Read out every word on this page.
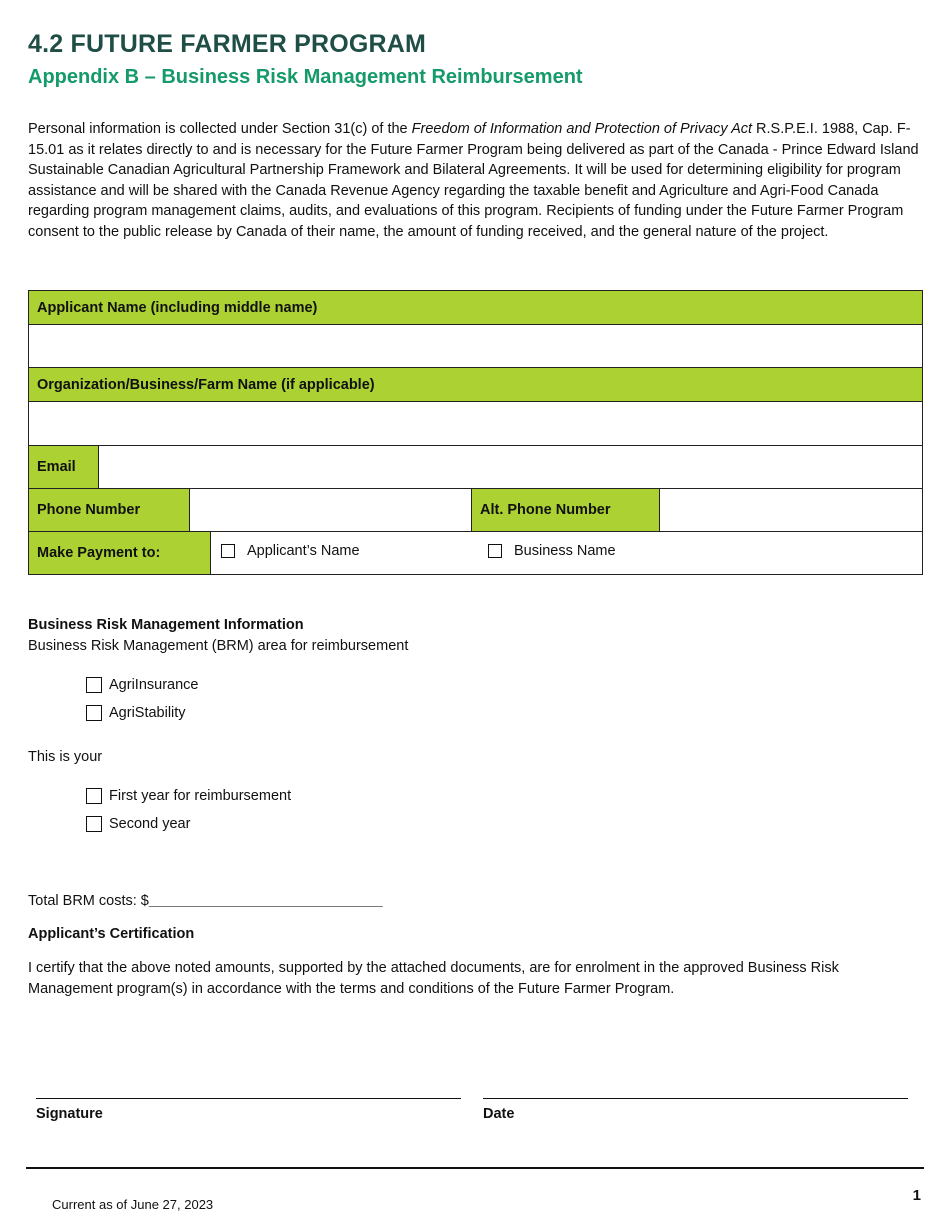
4.2 FUTURE FARMER PROGRAM
Appendix B – Business Risk Management Reimbursement

Personal information is collected under Section 31(c) of the Freedom of Information and Protection of Privacy Act R.S.P.E.I. 1988, Cap. F-15.01 as it relates directly to and is necessary for the Future Farmer Program being delivered as part of the Canada - Prince Edward Island Sustainable Canadian Agricultural Partnership Framework and Bilateral Agreements. It will be used for determining eligibility for program assistance and will be shared with the Canada Revenue Agency regarding the taxable benefit and Agriculture and Agri-Food Canada regarding program management claims, audits, and evaluations of this program. Recipients of funding under the Future Farmer Program consent to the public release by Canada of their name, the amount of funding received, and the general nature of the project.

Applicant Name (including middle name)
Organization/Business/Farm Name (if applicable)
Email
Phone Number	Alt. Phone Number
Make Payment to:	Applicant’s Name	Business Name
Business Risk Management Information
Business Risk Management (BRM) area for reimbursement
AgriInsurance
AgriStability
This is your
First year for reimbursement
Second year
Total BRM costs: $_____________________________
Applicant’s Certification

I certify that the above noted amounts, supported by the attached documents, are for enrolment in the approved Business Risk Management program(s) in accordance with the terms and conditions of the Future Farmer Program.

Signature	Date
Current as of June 27, 2023
1
